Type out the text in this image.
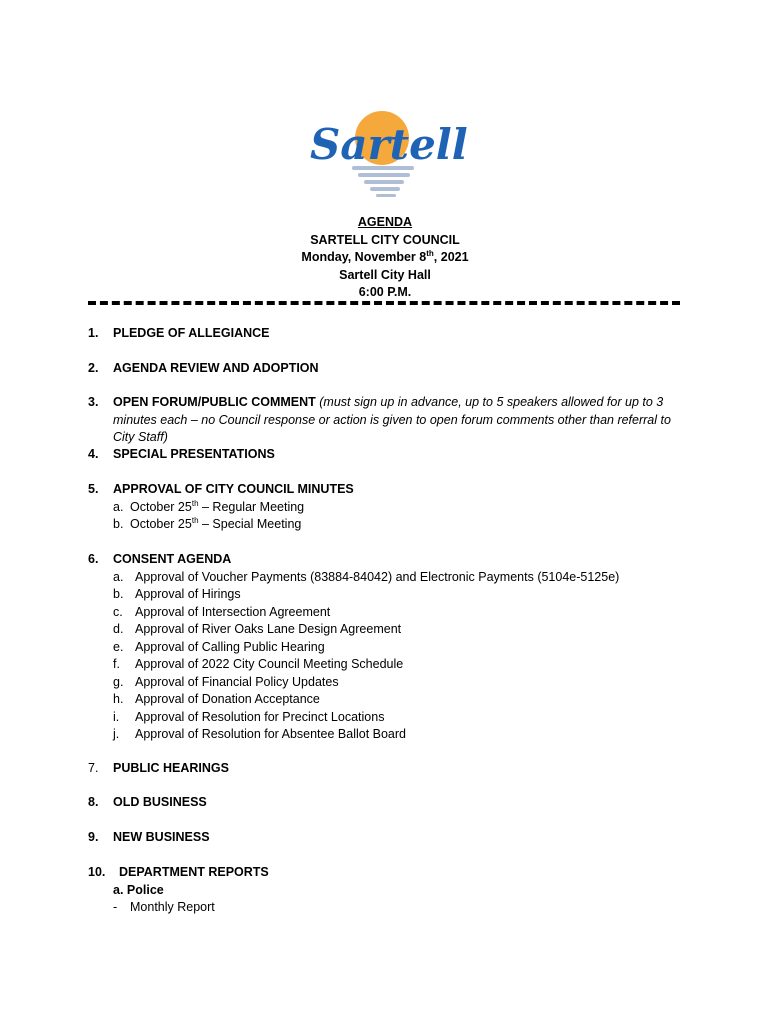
Sartell
AGENDA
SARTELL CITY COUNCIL
Monday, November 8th, 2021
Sartell City Hall
6:00 P.M.
1. PLEDGE OF ALLEGIANCE
2. AGENDA REVIEW AND ADOPTION
3. OPEN FORUM/PUBLIC COMMENT (must sign up in advance, up to 5 speakers allowed for up to 3 minutes each – no Council response or action is given to open forum comments other than referral to City Staff)
4. SPECIAL PRESENTATIONS
5. APPROVAL OF CITY COUNCIL MINUTES
a. October 25th – Regular Meeting
b. October 25th – Special Meeting
6. CONSENT AGENDA
a. Approval of Voucher Payments (83884-84042) and Electronic Payments (5104e-5125e)
b. Approval of Hirings
c. Approval of Intersection Agreement
d. Approval of River Oaks Lane Design Agreement
e. Approval of Calling Public Hearing
f. Approval of 2022 City Council Meeting Schedule
g. Approval of Financial Policy Updates
h. Approval of Donation Acceptance
i. Approval of Resolution for Precinct Locations
j. Approval of Resolution for Absentee Ballot Board
7. PUBLIC HEARINGS
8. OLD BUSINESS
9. NEW BUSINESS
10. DEPARTMENT REPORTS
a. Police
- Monthly Report
